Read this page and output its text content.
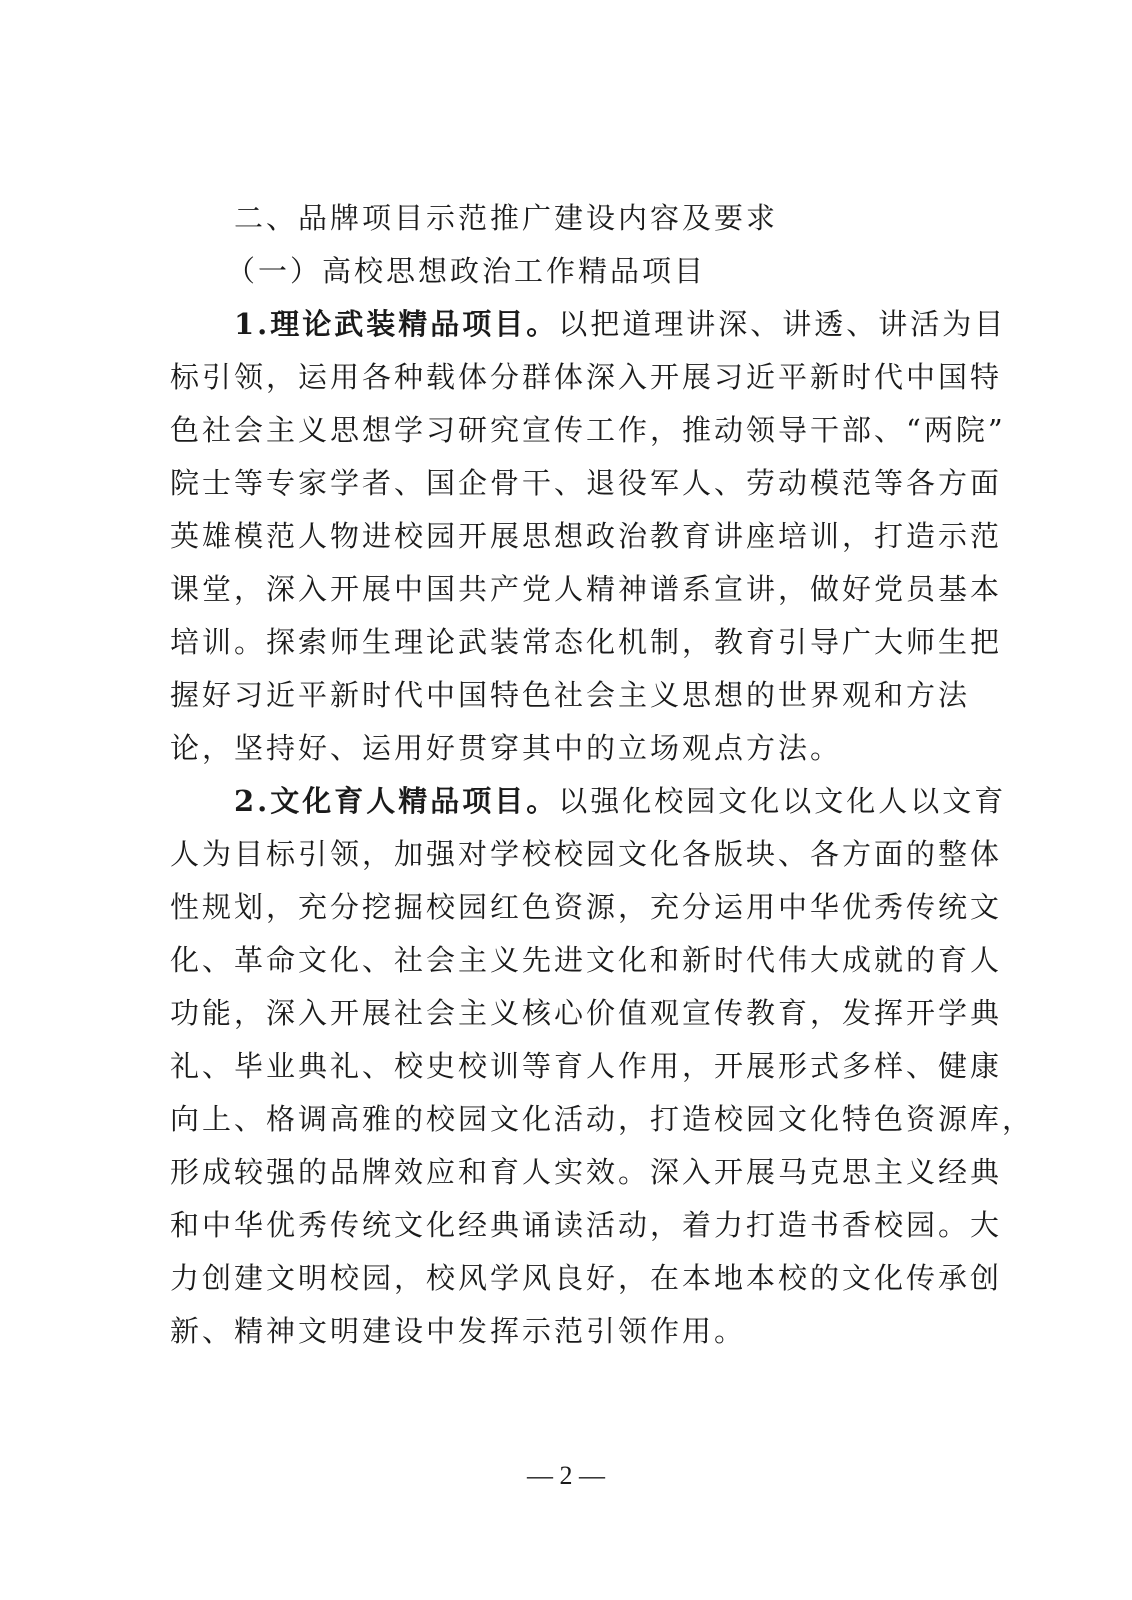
二、品牌项目示范推广建设内容及要求
（一）高校思想政治工作精品项目
1.理论武装精品项目。以把道理讲深、讲透、讲活为目
标引领，运用各种载体分群体深入开展习近平新时代中国特
色社会主义思想学习研究宣传工作，推动领导干部、“两院”
院士等专家学者、国企骨干、退役军人、劳动模范等各方面
英雄模范人物进校园开展思想政治教育讲座培训，打造示范
课堂，深入开展中国共产党人精神谱系宣讲，做好党员基本
培训。探索师生理论武装常态化机制，教育引导广大师生把
握好习近平新时代中国特色社会主义思想的世界观和方法
论，坚持好、运用好贯穿其中的立场观点方法。
2.文化育人精品项目。以强化校园文化以文化人以文育
人为目标引领，加强对学校校园文化各版块、各方面的整体
性规划，充分挖掘校园红色资源，充分运用中华优秀传统文
化、革命文化、社会主义先进文化和新时代伟大成就的育人
功能，深入开展社会主义核心价值观宣传教育，发挥开学典
礼、毕业典礼、校史校训等育人作用，开展形式多样、健康
向上、格调高雅的校园文化活动，打造校园文化特色资源库，
形成较强的品牌效应和育人实效。深入开展马克思主义经典
和中华优秀传统文化经典诵读活动，着力打造书香校园。大
力创建文明校园，校风学风良好，在本地本校的文化传承创
新、精神文明建设中发挥示范引领作用。
— 2 —
